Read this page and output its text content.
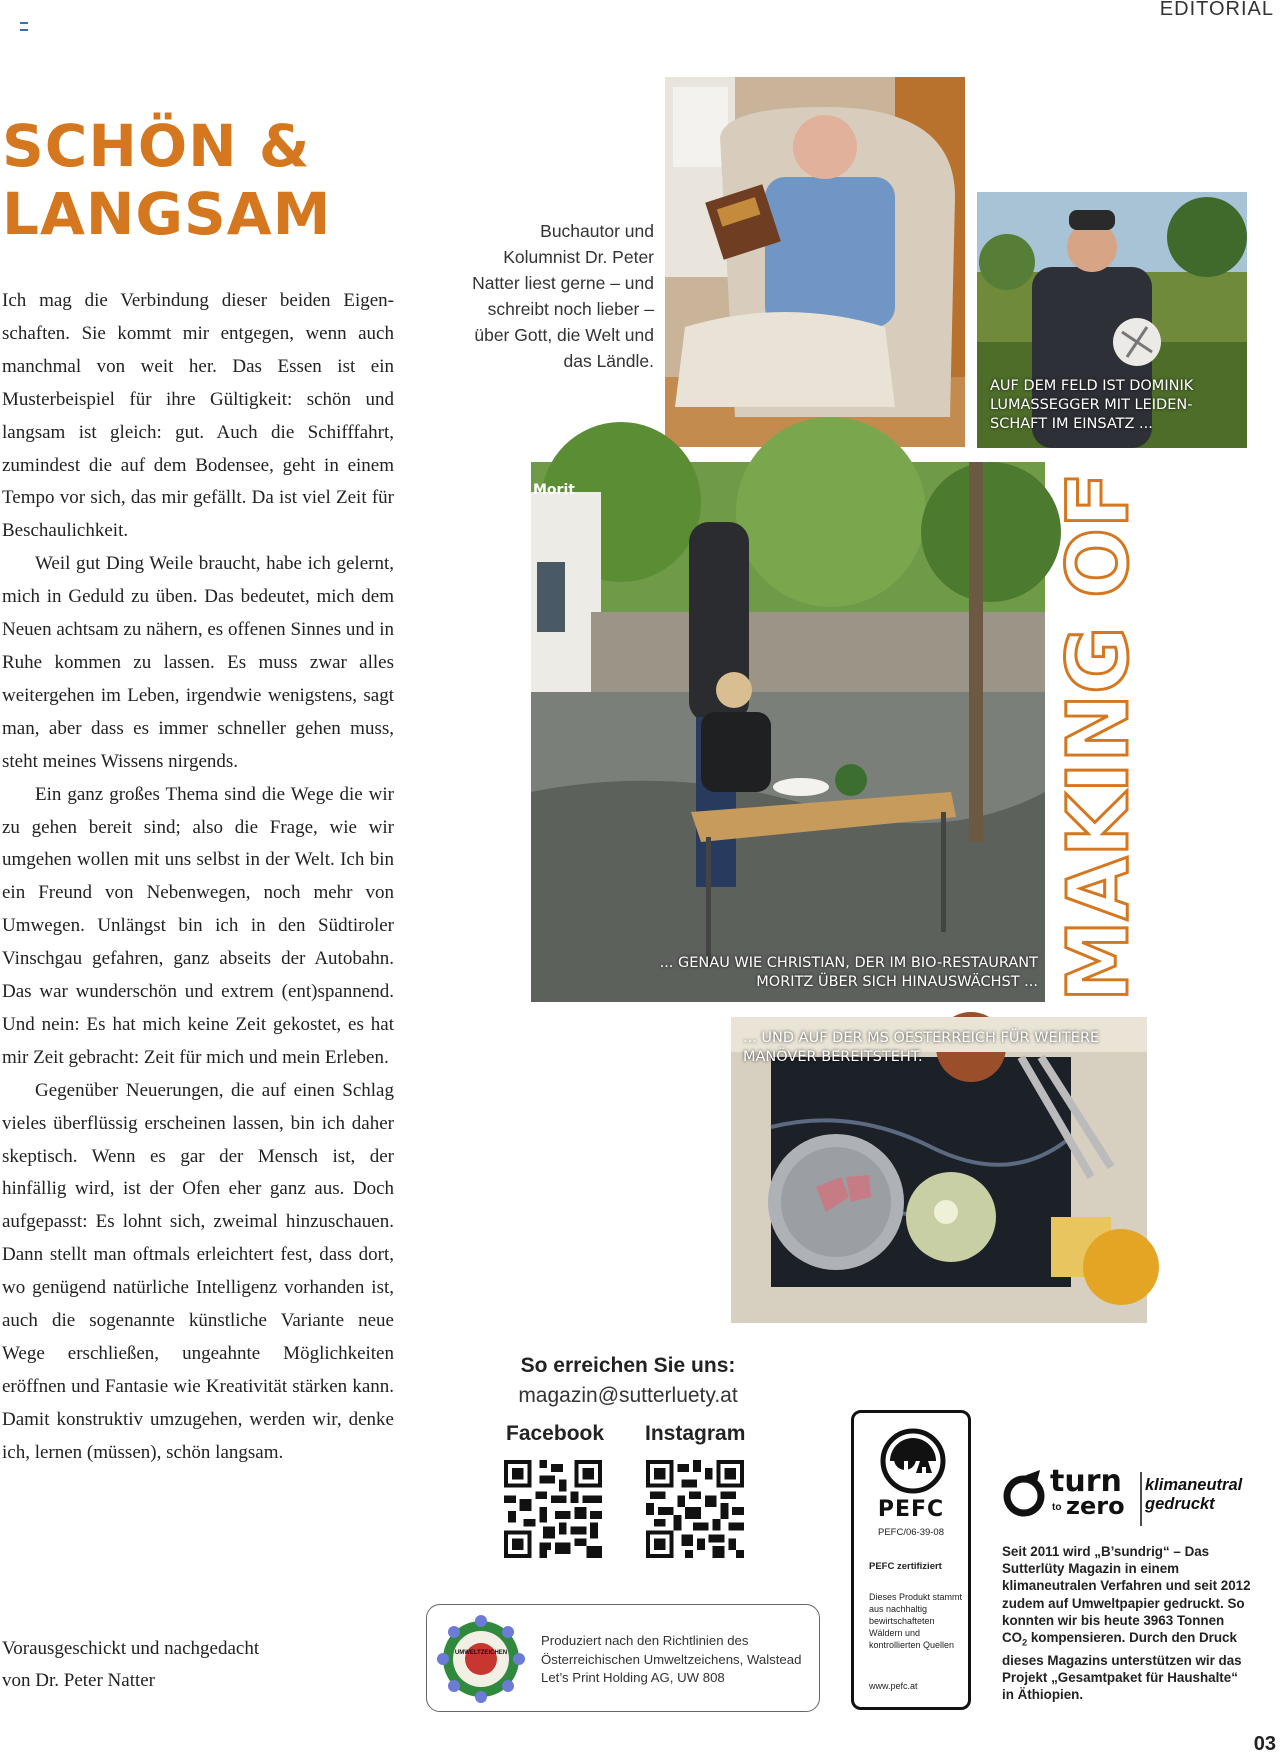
EDITORIAL
SCHÖN &
LANGSAM

Ich mag die Verbindung dieser beiden Eigenschaften. Sie kommt mir entgegen, wenn auch manchmal von weit her. Das Essen ist ein Musterbeispiel für ihre Gültigkeit: schön und langsam ist gleich: gut. Auch die Schifffahrt, zumindest die auf dem Bodensee, geht in einem Tempo vor sich, das mir gefällt. Da ist viel Zeit für Beschaulichkeit.

Weil gut Ding Weile braucht, habe ich gelernt, mich in Geduld zu üben. Das bedeutet, mich dem Neuen achtsam zu nähern, es offenen Sinnes und in Ruhe kommen zu lassen. Es muss zwar alles weitergehen im Leben, irgendwie wenigstens, sagt man, aber dass es immer schneller gehen muss, steht meines Wissens nirgends.

Ein ganz großes Thema sind die Wege die wir zu gehen bereit sind; also die Frage, wie wir umgehen wollen mit uns selbst in der Welt. Ich bin ein Freund von Nebenwegen, noch mehr von Umwegen. Unlängst bin ich in den Südtiroler Vinschgau gefahren, ganz abseits der Autobahn. Das war wunderschön und extrem (ent)spannend. Und nein: Es hat mich keine Zeit gekostet, es hat mir Zeit gebracht: Zeit für mich und mein Erleben.

Gegenüber Neuerungen, die auf einen Schlag vieles überflüssig erscheinen lassen, bin ich daher skeptisch. Wenn es gar der Mensch ist, der hinfällig wird, ist der Ofen eher ganz aus. Doch aufgepasst: Es lohnt sich, zweimal hinzuschauen. Dann stellt man oftmals erleichtert fest, dass dort, wo genügend natürliche Intelligenz vorhanden ist, auch die sogenannte künstliche Variante neue Wege erschließen, ungeahnte Möglichkeiten eröffnen und Fantasie wie Kreativität stärken kann. Damit konstruktiv umzugehen, werden wir, denke ich, lernen (müssen), schön langsam.

Vorausgeschickt und nachgedacht
von Dr. Peter Natter
Buchautor und Kolumnist Dr. Peter Natter liest gerne – und schreibt noch lieber – über Gott, die Welt und das Ländle.
AUF DEM FELD IST DOMINIK LUMASSEGGER MIT LEIDENSCHAFT IM EINSATZ ...
Morit
... GENAU WIE CHRISTIAN, DER IM BIO-RESTAURANT MORITZ ÜBER SICH HINAUSWÄCHST ... MAKING OF
... UND AUF DER MS OESTERREICH FÜR WEITERE MANÖVER BEREITSTEHT.
So erreichen Sie uns:
magazin@sutterluety.at
Facebook Instagram
UMWELTZEICHEN
Produziert nach den Richtlinien des Österreichischen Umweltzeichens, Walstead Let’s Print Holding AG, UW 808
PEFC
PEFC/06-39-08
PEFC zertifiziert
Dieses Produkt stammt aus nachhaltig bewirtschafteten Wäldern und kontrollierten Quellen
www.pefc.at
turn
to zero
klimaneutral
gedruckt
Seit 2011 wird „B’sundrig“ – Das Sutterlüty Magazin in einem klimaneutralen Verfahren und seit 2012 zudem auf Umweltpapier gedruckt. So konnten wir bis heute 3963 Tonnen $CO_2$ kompensieren. Durch den Druck dieses Magazins unterstützen wir das Projekt „Gesamtpaket für Haushalte“ in Äthiopien.
03
